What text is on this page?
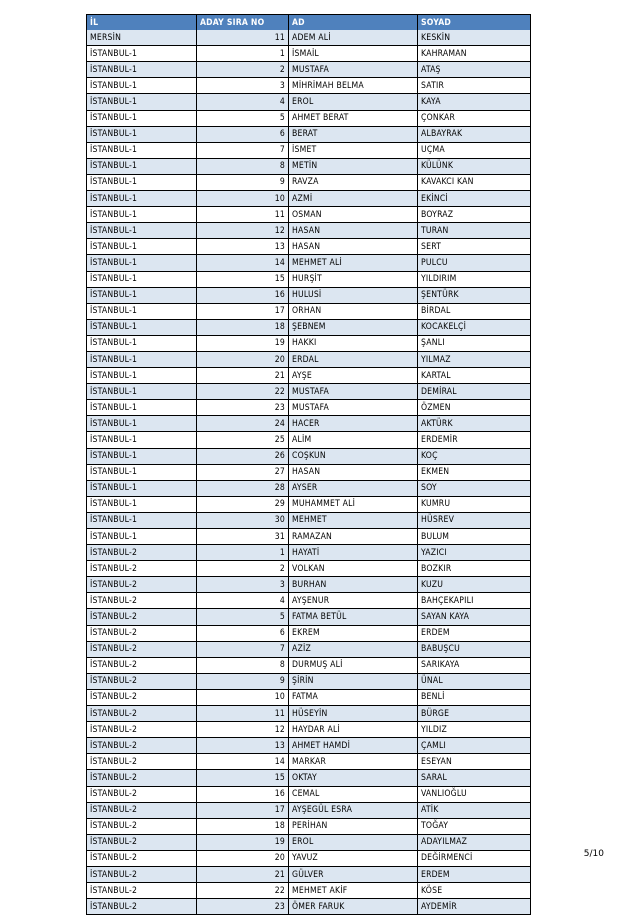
İL	ADAY SIRA NO	AD	SOYAD
MERSİN	11	ADEM ALİ	KESKİN
İSTANBUL-1	1	İSMAİL	KAHRAMAN
İSTANBUL-1	2	MUSTAFA	ATAŞ
İSTANBUL-1	3	MİHRİMAH BELMA	SATIR
İSTANBUL-1	4	EROL	KAYA
İSTANBUL-1	5	AHMET BERAT	ÇONKAR
İSTANBUL-1	6	BERAT	ALBAYRAK
İSTANBUL-1	7	İSMET	UÇMA
İSTANBUL-1	8	METİN	KÜLÜNK
İSTANBUL-1	9	RAVZA	KAVAKCI KAN
İSTANBUL-1	10	AZMİ	EKİNCİ
İSTANBUL-1	11	OSMAN	BOYRAZ
İSTANBUL-1	12	HASAN	TURAN
İSTANBUL-1	13	HASAN	SERT
İSTANBUL-1	14	MEHMET ALİ	PULCU
İSTANBUL-1	15	HURŞİT	YILDIRIM
İSTANBUL-1	16	HULUSİ	ŞENTÜRK
İSTANBUL-1	17	ORHAN	BİRDAL
İSTANBUL-1	18	ŞEBNEM	KOCAKELÇİ
İSTANBUL-1	19	HAKKI	ŞANLI
İSTANBUL-1	20	ERDAL	YILMAZ
İSTANBUL-1	21	AYŞE	KARTAL
İSTANBUL-1	22	MUSTAFA	DEMİRAL
İSTANBUL-1	23	MUSTAFA	ÖZMEN
İSTANBUL-1	24	HACER	AKTÜRK
İSTANBUL-1	25	ALİM	ERDEMİR
İSTANBUL-1	26	COŞKUN	KOÇ
İSTANBUL-1	27	HASAN	EKMEN
İSTANBUL-1	28	AYSER	SOY
İSTANBUL-1	29	MUHAMMET ALİ	KUMRU
İSTANBUL-1	30	MEHMET	HÜSREV
İSTANBUL-1	31	RAMAZAN	BULUM
İSTANBUL-2	1	HAYATİ	YAZICI
İSTANBUL-2	2	VOLKAN	BOZKIR
İSTANBUL-2	3	BURHAN	KUZU
İSTANBUL-2	4	AYŞENUR	BAHÇEKAPILI
İSTANBUL-2	5	FATMA BETÜL	SAYAN KAYA
İSTANBUL-2	6	EKREM	ERDEM
İSTANBUL-2	7	AZİZ	BABUŞCU
İSTANBUL-2	8	DURMUŞ ALİ	SARIKAYA
İSTANBUL-2	9	ŞİRİN	ÜNAL
İSTANBUL-2	10	FATMA	BENLİ
İSTANBUL-2	11	HÜSEYİN	BÜRGE
İSTANBUL-2	12	HAYDAR ALİ	YILDIZ
İSTANBUL-2	13	AHMET HAMDİ	ÇAMLI
İSTANBUL-2	14	MARKAR	ESEYAN
İSTANBUL-2	15	OKTAY	SARAL
İSTANBUL-2	16	CEMAL	VANLIOĞLU
İSTANBUL-2	17	AYŞEGÜL ESRA	ATİK
İSTANBUL-2	18	PERİHAN	TOĞAY
İSTANBUL-2	19	EROL	ADAYILMAZ
İSTANBUL-2	20	YAVUZ	DEĞİRMENCİ
İSTANBUL-2	21	GÜLVER	ERDEM
İSTANBUL-2	22	MEHMET AKİF	KÖSE
İSTANBUL-2	23	ÖMER FARUK	AYDEMİR
5/10
